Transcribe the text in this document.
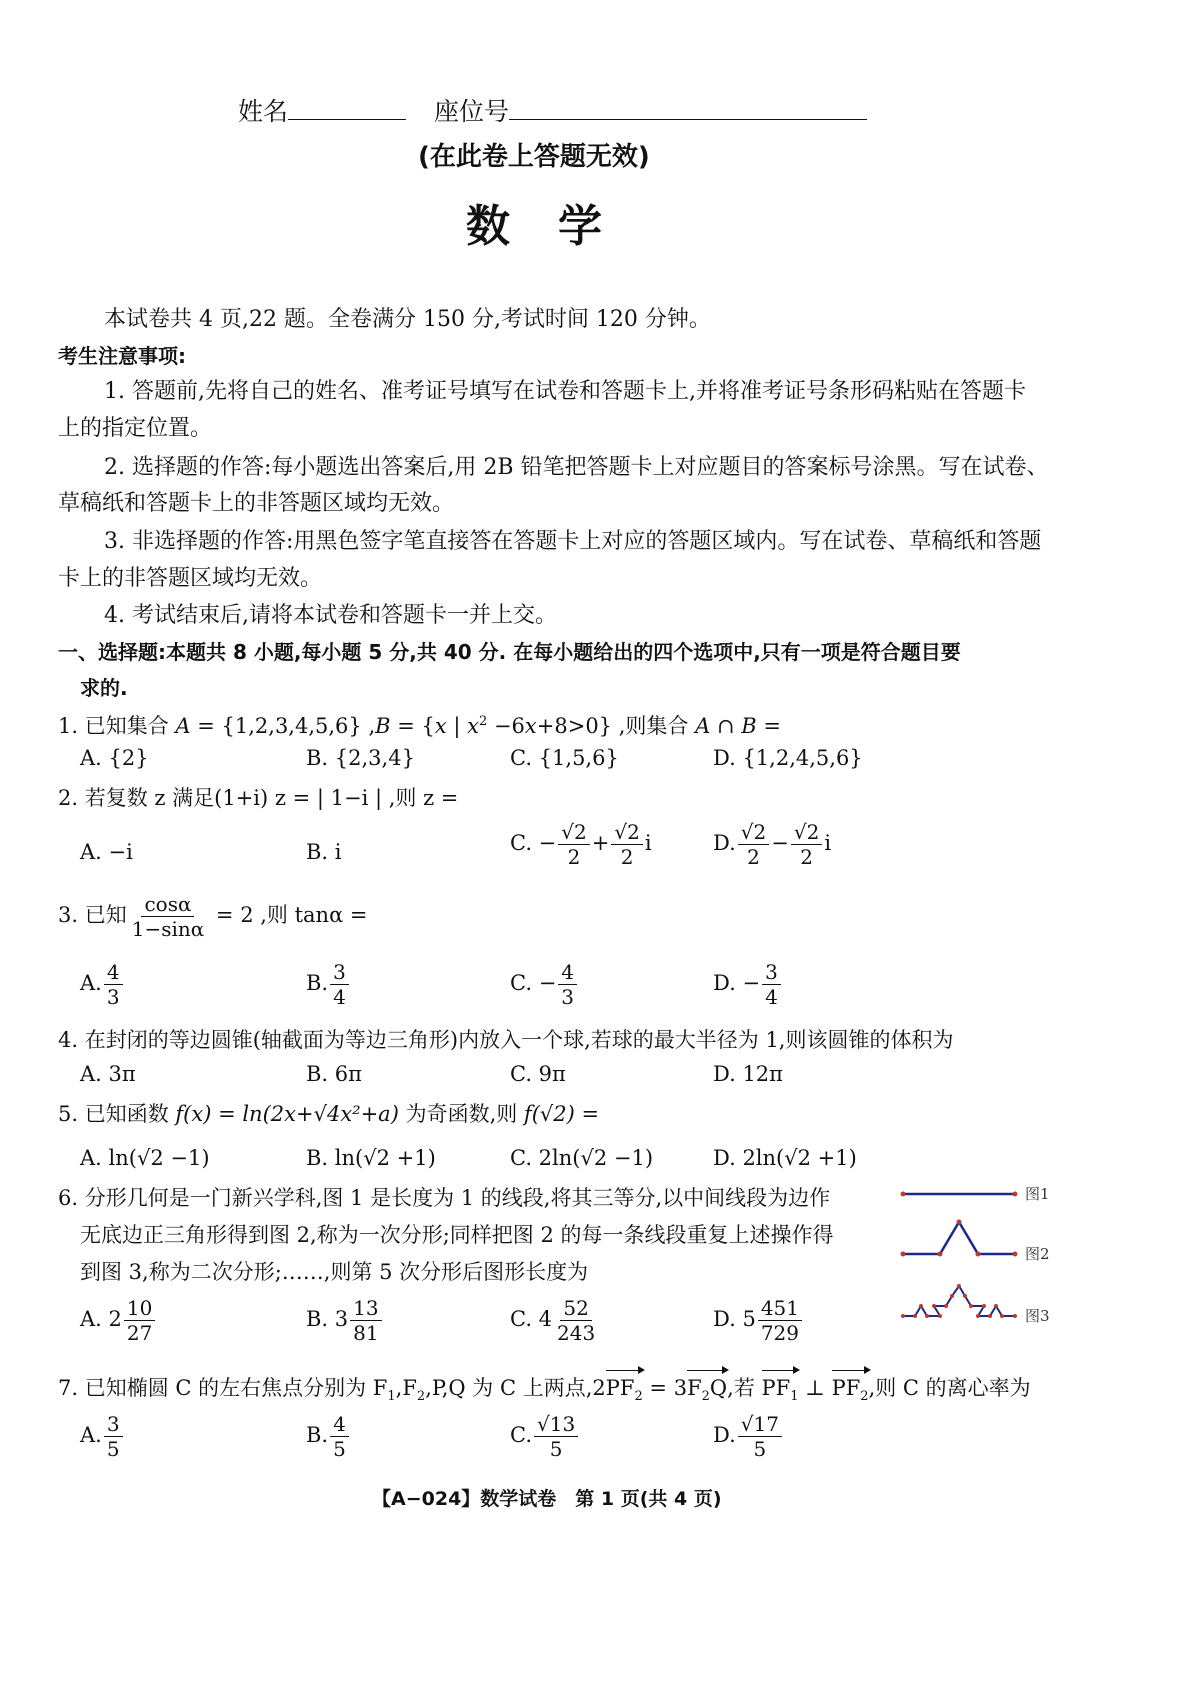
姓名	座位号
(在此卷上答题无效)
数　学
本试卷共 4 页,22 题。全卷满分 150 分,考试时间 120 分钟。
考生注意事项:
1. 答题前,先将自己的姓名、准考证号填写在试卷和答题卡上,并将准考证号条形码粘贴在答题卡
上的指定位置。
2. 选择题的作答:每小题选出答案后,用 2B 铅笔把答题卡上对应题目的答案标号涂黑。写在试卷、
草稿纸和答题卡上的非答题区域均无效。
3. 非选择题的作答:用黑色签字笔直接答在答题卡上对应的答题区域内。写在试卷、草稿纸和答题
卡上的非答题区域均无效。
4. 考试结束后,请将本试卷和答题卡一并上交。
一、选择题:本题共 8 小题,每小题 5 分,共 40 分. 在每小题给出的四个选项中,只有一项是符合题目要
求的.
1. 已知集合 A = {1,2,3,4,5,6} ,B = {x | $x^2 -6x+8>0$} ,则集合 A ∩ B =
A. {2}	B. {2,3,4}	C. {1,5,6}	D. {1,2,4,5,6}
2. 若复数 z 满足(1+i) z = | 1−i | ,则 z =
A. −i	B. i	C. − $\frac{√2}{2} + \frac{√2}{2}$ i	D. $\frac{√2}{2} - \frac{√2}{2}$ i
3. 已知 $\frac{\cos\alpha}{1-\sin\alpha} = 2$ ,则 tanα =
A. $\frac{4}{3}$	B. $\frac{3}{4}$	C. − $\frac{4}{3}$	D. − $\frac{3}{4}$
4. 在封闭的等边圆锥(轴截面为等边三角形)内放入一个球,若球的最大半径为 1,则该圆锥的体积为
A. 3π	B. 6π	C. 9π	D. 12π
5. 已知函数 f(x) = ln(2x+√4x²+a) 为奇函数,则 f(√2) =
A. ln(√2 −1)	B. ln(√2 +1)	C. 2ln(√2 −1)	D. 2ln(√2 +1)
6. 分形几何是一门新兴学科,图 1 是长度为 1 的线段,将其三等分,以中间线段为边作
无底边正三角形得到图 2,称为一次分形;同样把图 2 的每一条线段重复上述操作得
到图 3,称为二次分形;……,则第 5 次分形后图形长度为
A. $2 \frac{10}{27}$	B. $3 \frac{13}{81}$	C. $4 \frac{52}{243}$	D. $5 \frac{451}{729}$
图1
图2
图3
7. 已知椭圆 C 的左右焦点分别为 $F_1,F_2,P,Q$ 为 C 上两点$,2PF_2 = 3F_2Q$,若 $PF_1$ ⊥ $PF_2$,则 C 的离心率为
A. $\frac{3}{5}$	B. $\frac{4}{5}$	C. $\frac{√13}{5}$	D. $\frac{√17}{5}$
【A−024】数学试卷　第 1 页(共 4 页)
